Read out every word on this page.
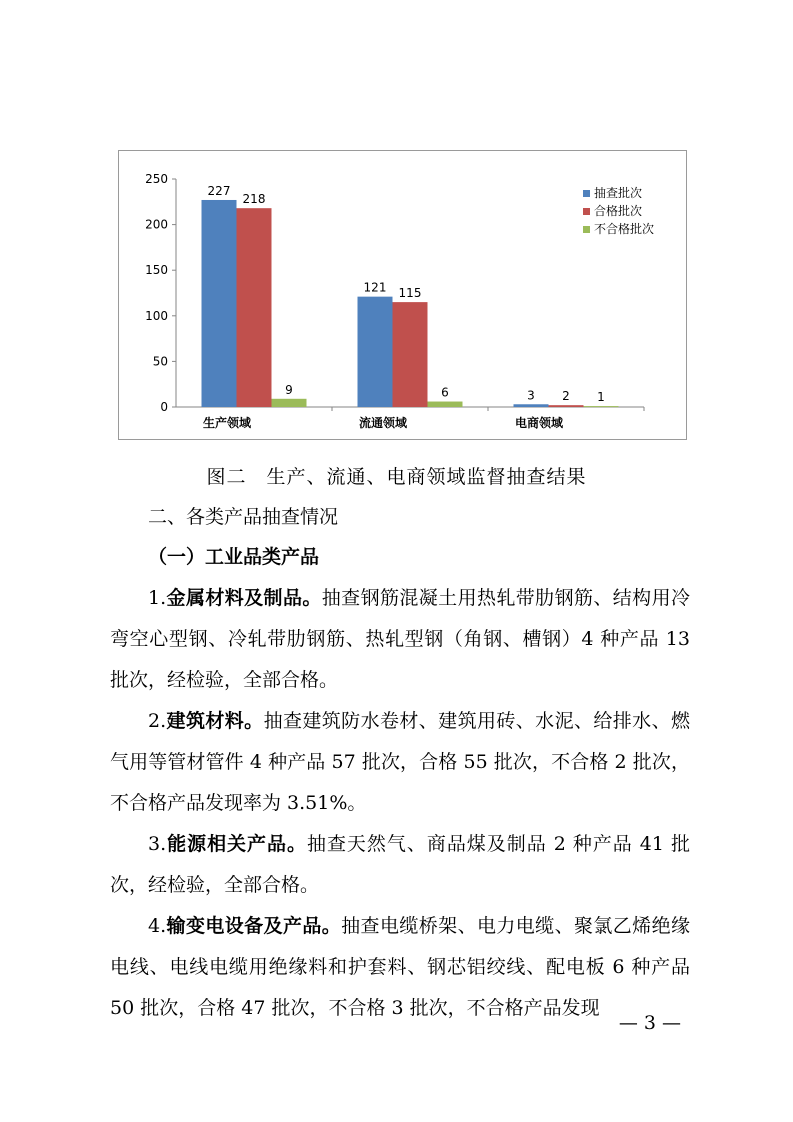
0
50
100
150
200
250
227
218
9
生产领域
121 115
6
流通领域
3 2 1
电商领域
抽查批次
合格批次
不合格批次
图二　生产、流通、电商领域监督抽查结果
二、各类产品抽查情况
（一）工业品类产品
1.金属材料及制品。抽查钢筋混凝土用热轧带肋钢筋、结构用冷弯空心型钢、冷轧带肋钢筋、热轧型钢（角钢、槽钢）4 种产品 13 批次，经检验，全部合格。
2.建筑材料。抽查建筑防水卷材、建筑用砖、水泥、给排水、燃气用等管材管件 4 种产品 57 批次，合格 55 批次，不合格 2 批次，不合格产品发现率为 3.51%。
3.能源相关产品。抽查天然气、商品煤及制品 2 种产品 41 批次，经检验，全部合格。
4.输变电设备及产品。抽查电缆桥架、电力电缆、聚氯乙烯绝缘电线、电线电缆用绝缘料和护套料、钢芯铝绞线、配电板 6 种产品 50 批次，合格 47 批次，不合格 3 批次，不合格产品发现
— 3 —
